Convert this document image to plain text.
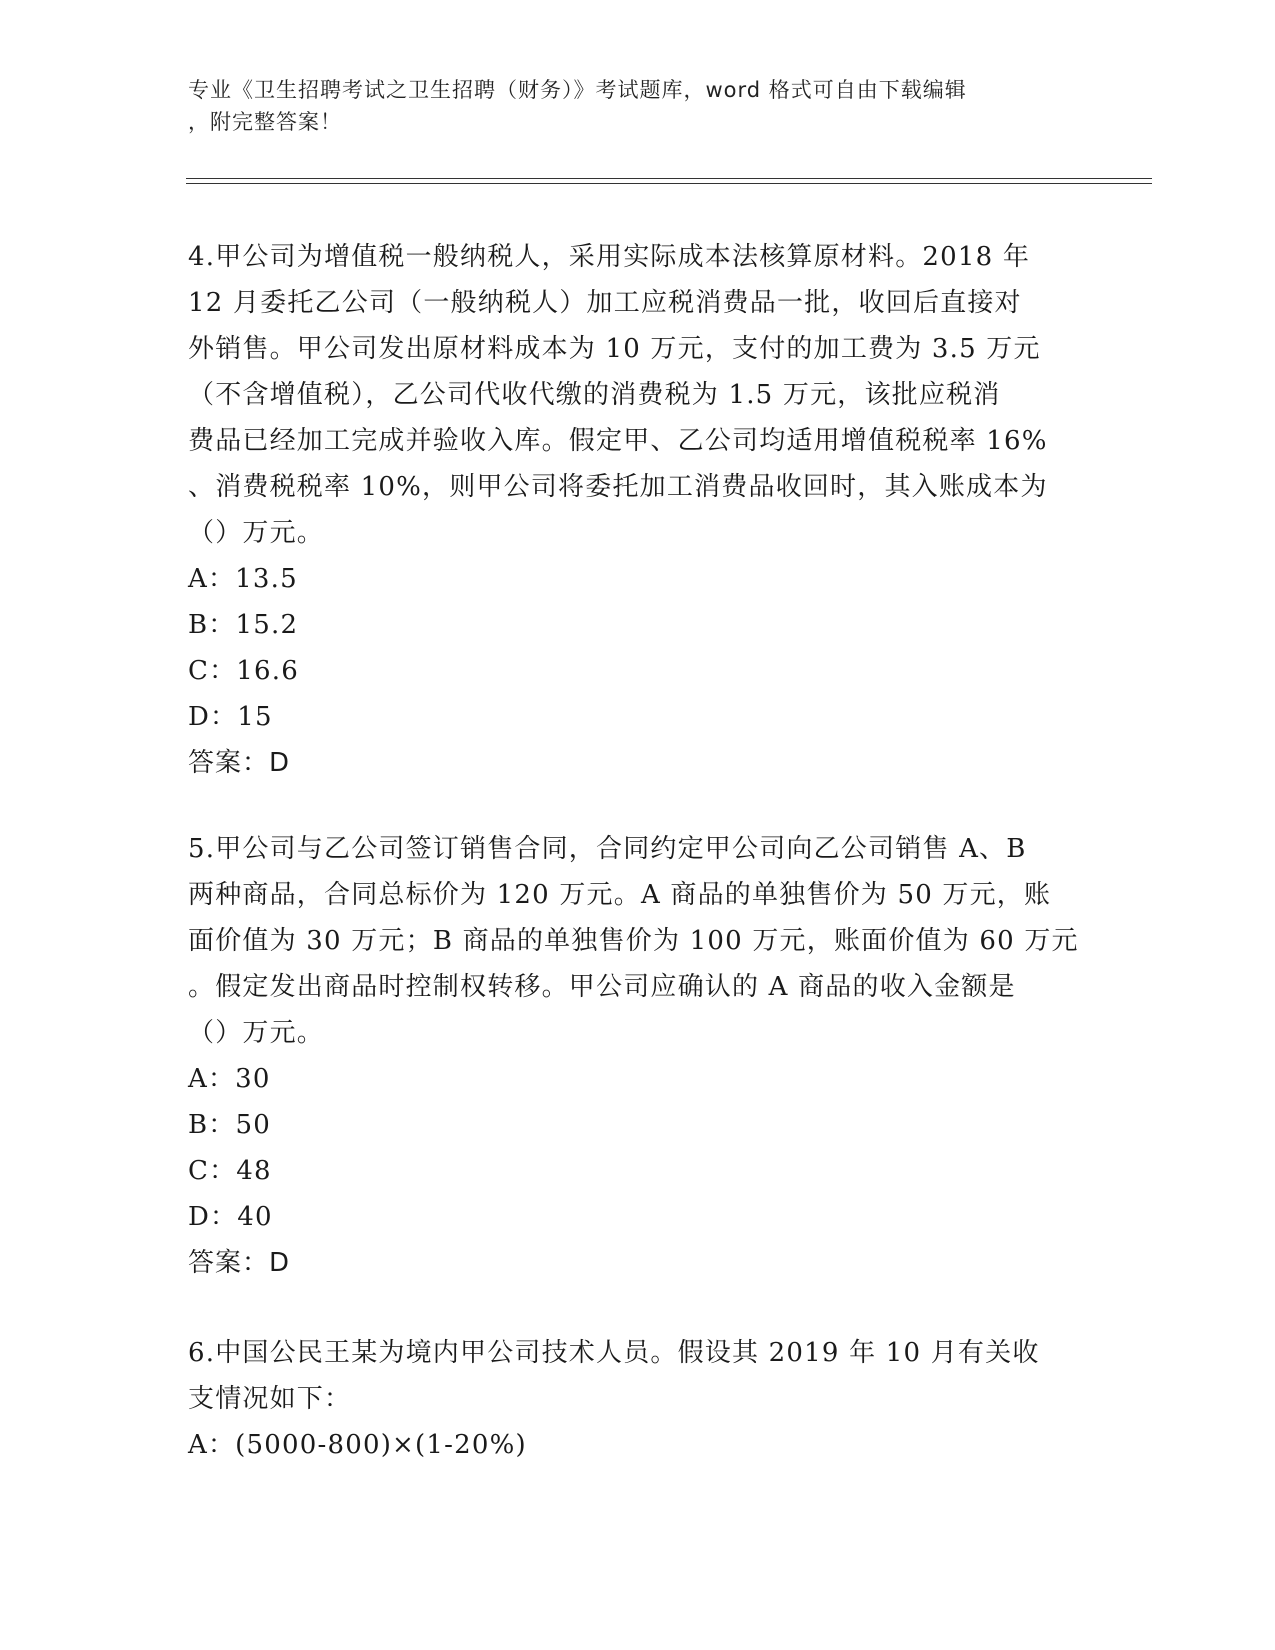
专业《卫生招聘考试之卫生招聘（财务）》考试题库，word 格式可自由下载编辑
，附完整答案！

4.甲公司为增值税一般纳税人，采用实际成本法核算原材料。2018 年

12 月委托乙公司（一般纳税人）加工应税消费品一批，收回后直接对

外销售。甲公司发出原材料成本为 10 万元，支付的加工费为 3.5 万元

（不含增值税），乙公司代收代缴的消费税为 1.5 万元，该批应税消

费品已经加工完成并验收入库。假定甲、乙公司均适用增值税税率 16%

、消费税税率 10%，则甲公司将委托加工消费品收回时，其入账成本为

（）万元。

A：13.5

B：15.2

C：16.6

D：15

答案：D

5.甲公司与乙公司签订销售合同，合同约定甲公司向乙公司销售 A、B

两种商品，合同总标价为 120 万元。A 商品的单独售价为 50 万元，账

面价值为 30 万元；B 商品的单独售价为 100 万元，账面价值为 60 万元

。假定发出商品时控制权转移。甲公司应确认的 A 商品的收入金额是

（）万元。

A：30

B：50

C：48

D：40

答案：D

6.中国公民王某为境内甲公司技术人员。假设其 2019 年 10 月有关收

支情况如下：

A：(5000-800)×(1-20%)
